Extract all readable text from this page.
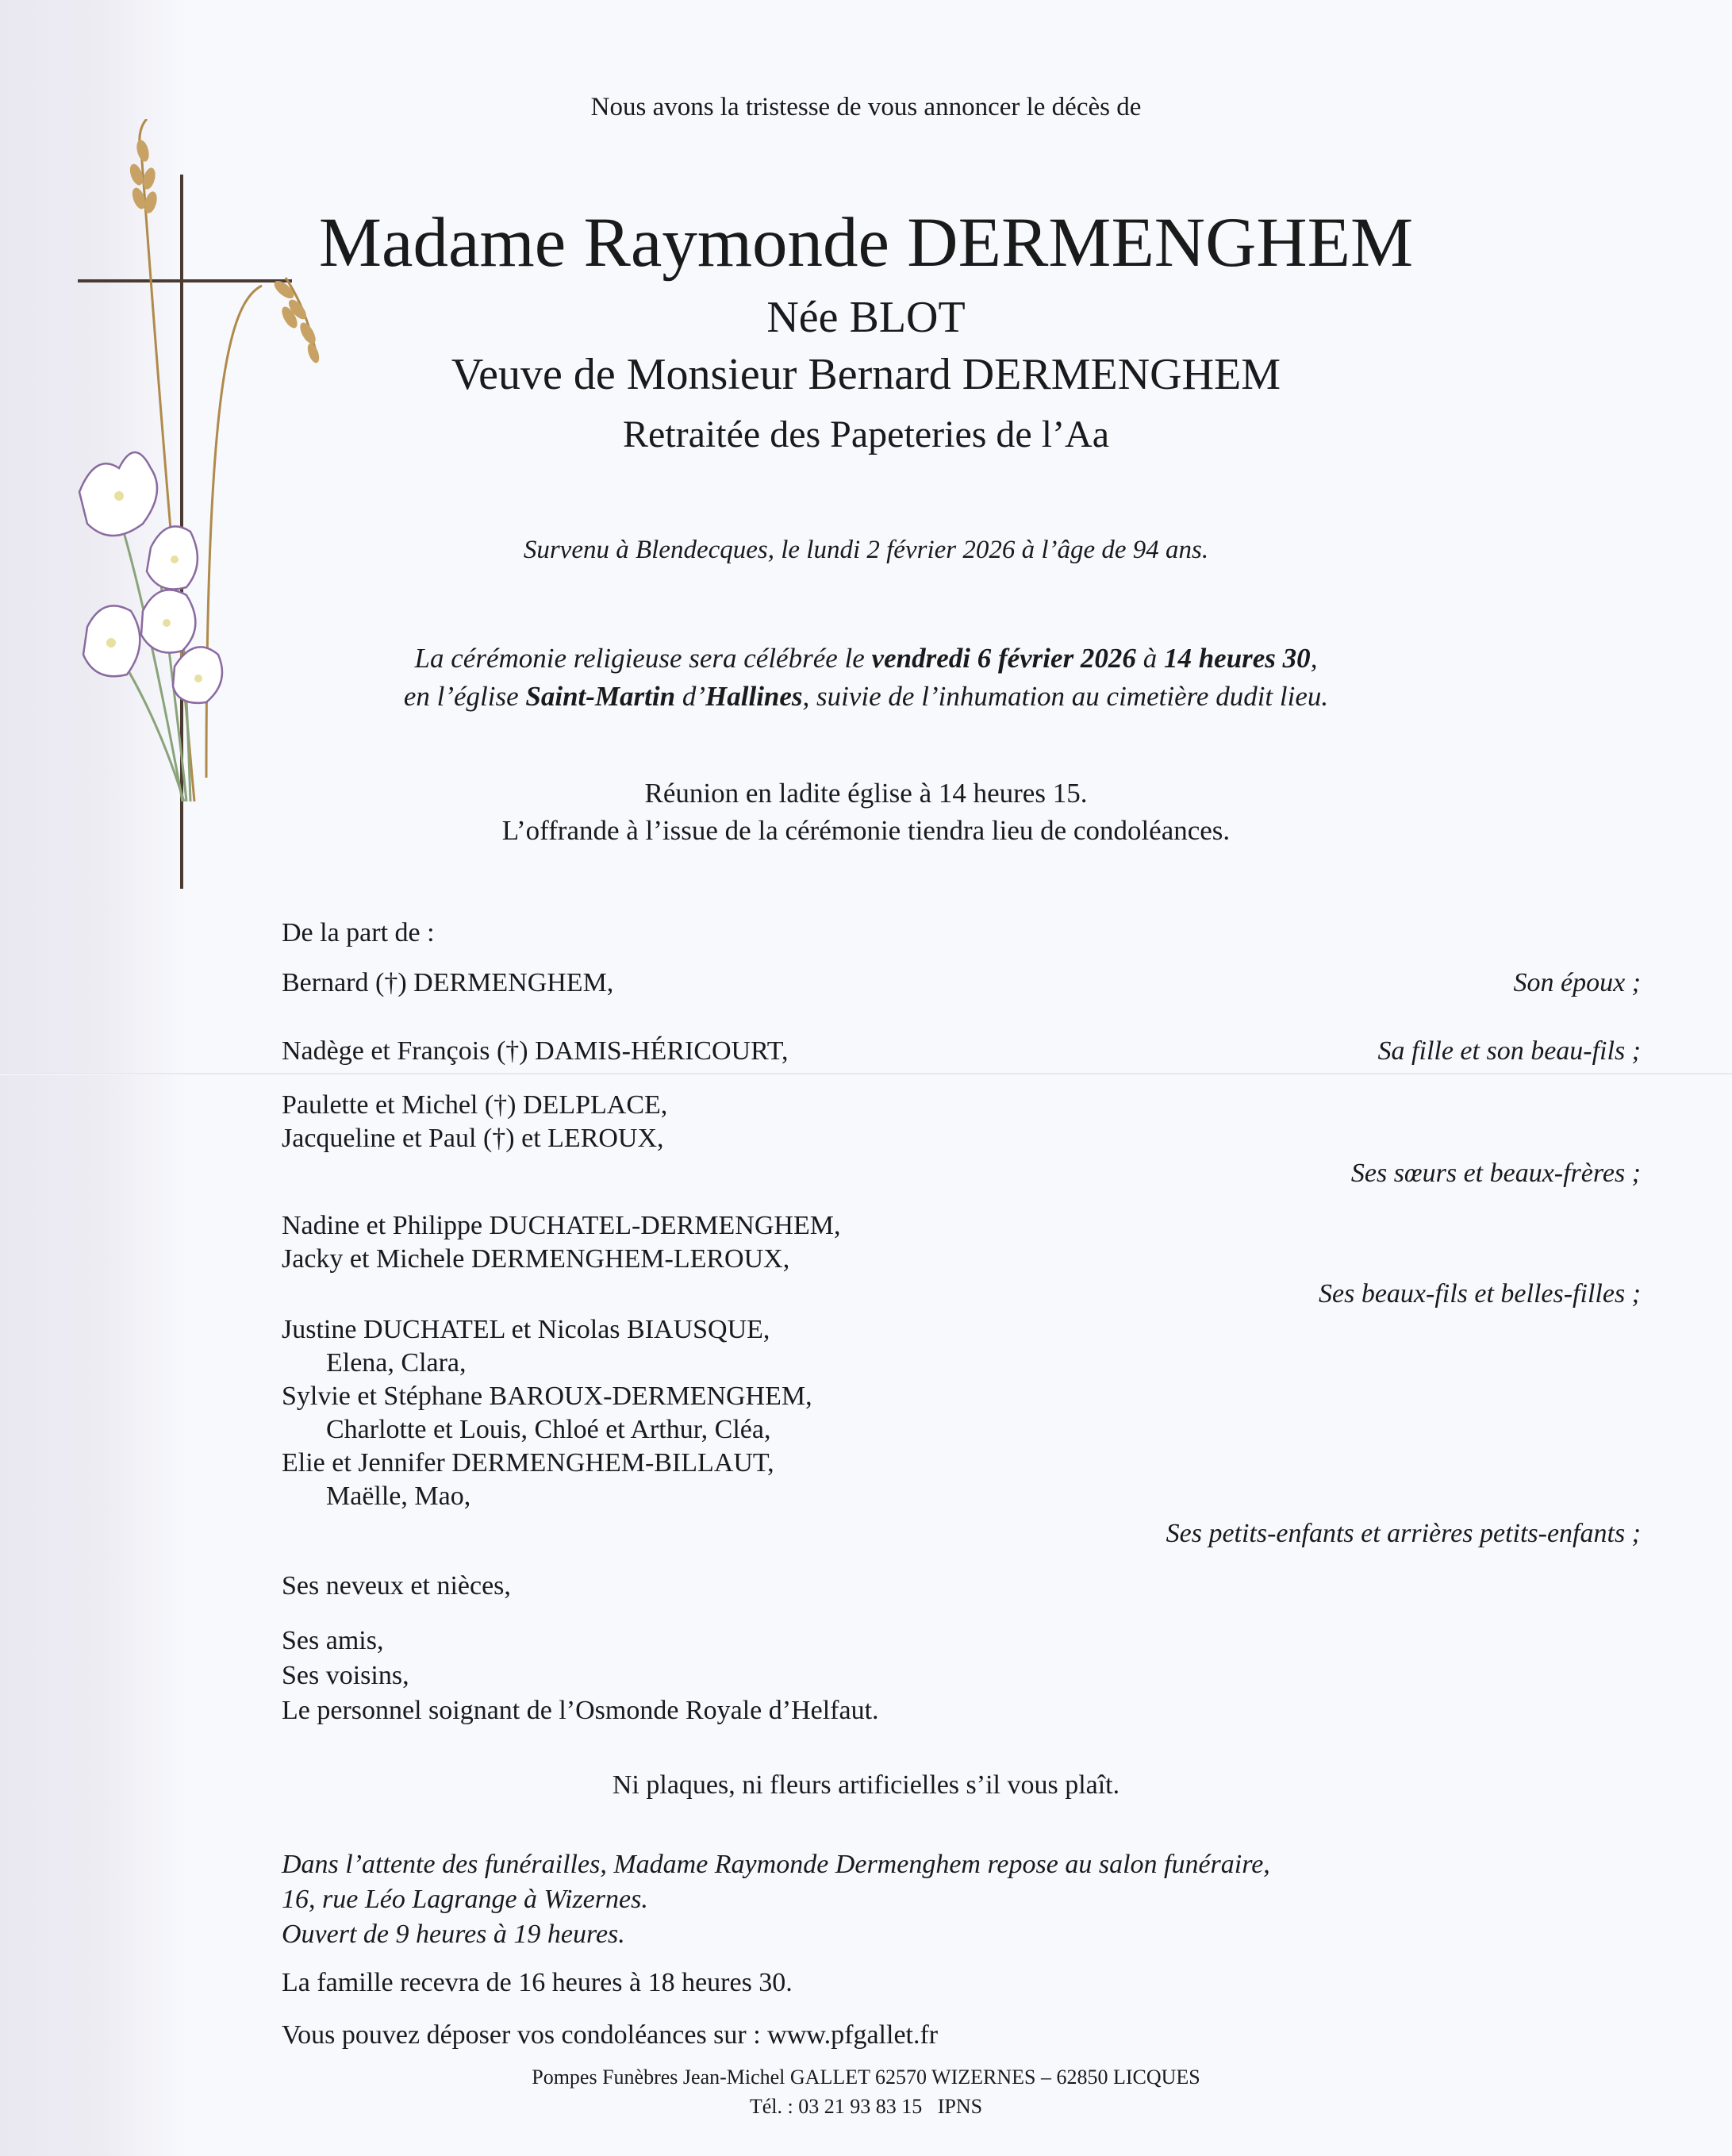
Nous avons la tristesse de vous annoncer le décès de
Madame Raymonde DERMENGHEM
Née BLOT
Veuve de Monsieur Bernard DERMENGHEM
Retraitée des Papeteries de l’Aa
Survenu à Blendecques, le lundi 2 février 2026 à l’âge de 94 ans.
La cérémonie religieuse sera célébrée le vendredi 6 février 2026 à 14 heures 30,
en l’église Saint-Martin d’Hallines, suivie de l’inhumation au cimetière dudit lieu.
Réunion en ladite église à 14 heures 15.
L’offrande à l’issue de la cérémonie tiendra lieu de condoléances.
De la part de :
Bernard (†) DERMENGHEM,	Son époux ;
Nadège et François (†) DAMIS-HÉRICOURT,	Sa fille et son beau-fils ;
Paulette et Michel (†) DELPLACE,
Jacqueline et Paul (†) et LEROUX,
Ses sœurs et beaux-frères ;
Nadine et Philippe DUCHATEL-DERMENGHEM,
Jacky et Michele DERMENGHEM-LEROUX,
Ses beaux-fils et belles-filles ;
Justine DUCHATEL et Nicolas BIAUSQUE,
Elena, Clara,
Sylvie et Stéphane BAROUX-DERMENGHEM,
Charlotte et Louis, Chloé et Arthur, Cléa,
Elie et Jennifer DERMENGHEM-BILLAUT,
Maëlle, Mao,
Ses petits-enfants et arrières petits-enfants ;
Ses neveux et nièces,
Ses amis,
Ses voisins,
Le personnel soignant de l’Osmonde Royale d’Helfaut.
Ni plaques, ni fleurs artificielles s’il vous plaît.
Dans l’attente des funérailles, Madame Raymonde Dermenghem repose au salon funéraire,
16, rue Léo Lagrange à Wizernes.
Ouvert de 9 heures à 19 heures.
La famille recevra de 16 heures à 18 heures 30.
Vous pouvez déposer vos condoléances sur : www.pfgallet.fr
Pompes Funèbres Jean-Michel GALLET 62570 WIZERNES – 62850 LICQUES
Tél. : 03 21 93 83 15   IPNS
